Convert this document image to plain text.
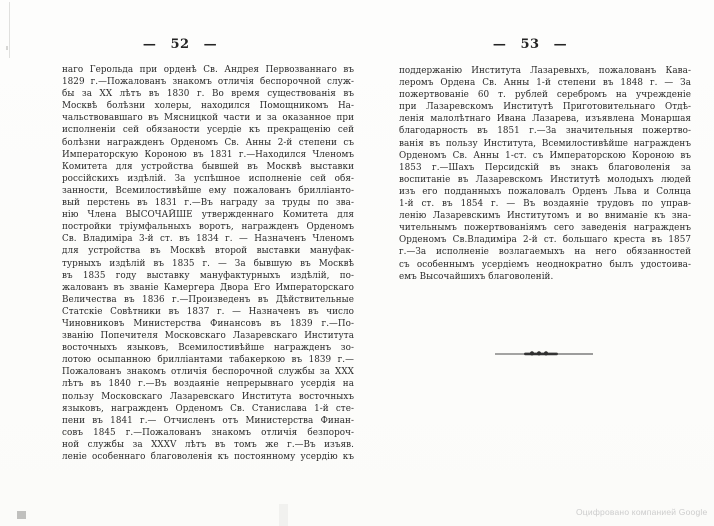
— 52 —
наго Герольда при орденѣ Св. Андрея Первозваннаго въ
1829 г.—Пожалованъ знакомъ отличія беспорочной служ-
бы за XX лѣтъ въ 1830 г. Во время существованія въ
Москвѣ болѣзни холеры, находился Помощникомъ На-
чальствовавшаго въ Мясницкой части и за оказанное при
исполненіи сей обязаности усердіе къ прекращенію сей
болѣзни награжденъ Орденомъ Св. Анны 2-й степени съ
Императорскую Короною въ 1831 г.—Находился Членомъ
Комитета для устройства бывшей въ Москвѣ выставки
россійскихъ издѣлій. За успѣшное исполненіе сей обя-
занности, Всемилостивѣйше ему пожалованъ брилліанто-
вый перстень въ 1831 г.—Въ награду за труды по зва-
нію Члена ВЫСОЧАЙШЕ утвержденнаго Комитета для
постройки тріумфальныхъ воротъ, награжденъ Орденомъ
Св. Владиміра 3-й ст. въ 1834 г. — Назначенъ Членомъ
для устройства въ Москвѣ второй выставки мануфак-
турныхъ издѣлій въ 1835 г. — За бывшую въ Москвѣ
въ 1835 году выставку мануфактурныхъ издѣлій, по-
жалованъ въ званіе Камергера Двора Его Императорскаго
Величества въ 1836 г.—Произведенъ въ Дѣйствительные
Статскіе Совѣтники въ 1837 г. — Назначенъ въ число
Чиновниковъ Министерства Финансовъ въ 1839 г.—По-
званію Попечителя Московскаго Лазаревскаго Института
восточныхъ языковъ, Всемилостивѣйше награжденъ зо-
лотою осыпанною брилліантами табакеркою въ 1839 г.—
Пожалованъ знакомъ отличія беспорочной службы за XXX
лѣтъ въ 1840 г.—Въ воздаяніе непрерывнаго усердія на
пользу Московскаго Лазаревскаго Института восточныхъ
языковъ, награжденъ Орденомъ Св. Станислава 1-й сте-
пени въ 1841 г.— Отчисленъ отъ Министерства Финан-
совъ 1845 г.—Пожалованъ знакомъ отличія безпороч-
ной службы за XXXV лѣтъ въ томъ же г.—Въ изъяв.
леніе особеннаго благоволенія къ постоянному усердію къ
— 53 —
поддержанію Института Лазаревыхъ, пожалованъ Кава-
леромъ Ордена Св. Анны 1-й степени въ 1848 г. — За
пожертвованіе 60 т. рублей серебромъ на учрежденіе
при Лазаревскомъ Институтѣ Приготовительнаго Отдѣ-
ленія малолѣтнаго Ивана Лазарева, изъявлена Монаршая
благодарность въ 1851 г.—За значительныя пожертво-
ванія въ пользу Института, Всемилостивѣйше награжденъ
Орденомъ Св. Анны 1-ст. съ Императорскою Короною въ
1853 г.—Шахъ Персидскій въ знакъ благоволенія за
воспитаніе въ Лазаревскомъ Институтѣ молодыхъ людей
изъ его подданныхъ пожаловалъ Орденъ Льва и Солнца
1-й ст. въ 1854 г. — Въ воздаяніе трудовъ по управ-
ленію Лазаревскимъ Институтомъ и во вниманіе къ зна-
чительнымъ пожертвованіямъ сего заведенія награжденъ
Орденомъ Св.Владиміра 2-й ст. большаго креста въ 1857
г.—За исполненіе возлагаемыхъ на него обязанностей
съ особеннымъ усердіемъ неоднократно былъ удостоива-
емъ Высочайшихъ благоволеній.
Оцифровано компанией Google
